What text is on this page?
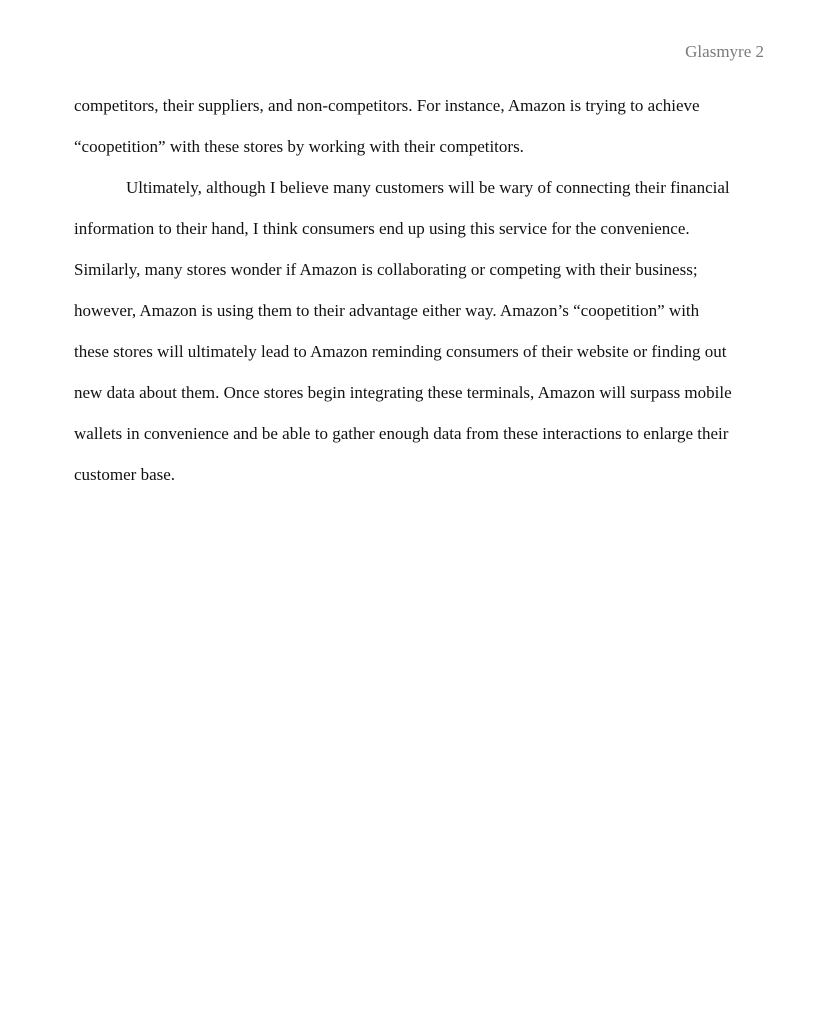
Glasmyre 2
competitors, their suppliers, and non-competitors. For instance, Amazon is trying to achieve
“coopetition” with these stores by working with their competitors.
Ultimately, although I believe many customers will be wary of connecting their financial
information to their hand, I think consumers end up using this service for the convenience.
Similarly, many stores wonder if Amazon is collaborating or competing with their business;
however, Amazon is using them to their advantage either way. Amazon’s “coopetition” with
these stores will ultimately lead to Amazon reminding consumers of their website or finding out
new data about them. Once stores begin integrating these terminals, Amazon will surpass mobile
wallets in convenience and be able to gather enough data from these interactions to enlarge their
customer base.
